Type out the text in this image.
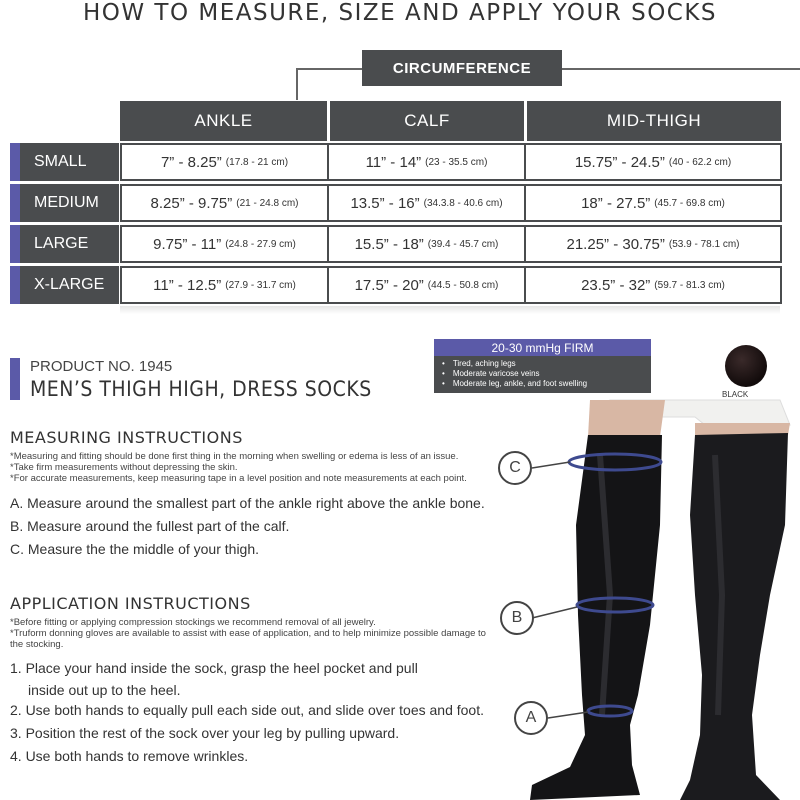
HOW TO MEASURE, SIZE AND APPLY YOUR SOCKS
CIRCUMFERENCE
ANKLE	CALF	MID-THIGH
SMALL	7” - 8.25” (17.8 - 21 cm)	11” - 14” (23 - 35.5 cm)	15.75” - 24.5” (40 - 62.2 cm)
MEDIUM	8.25” - 9.75” (21 - 24.8 cm)	13.5” - 16” (34.3.8 - 40.6 cm)	18” - 27.5” (45.7 - 69.8 cm)
LARGE	9.75” - 11” (24.8 - 27.9 cm)	15.5” - 18” (39.4 - 45.7 cm)	21.25” - 30.75” (53.9 - 78.1 cm)
X-LARGE	11” - 12.5” (27.9 - 31.7 cm)	17.5” - 20” (44.5 - 50.8 cm)	23.5” - 32” (59.7 - 81.3 cm)
PRODUCT NO. 1945
MEN’S THIGH HIGH, DRESS SOCKS
20-30 mmHg FIRM
• Tired, aching legs
• Moderate varicose veins
• Moderate leg, ankle, and foot swelling
BLACK
MEASURING INSTRUCTIONS
*Measuring and fitting should be done first thing in the morning when swelling or edema is less of an issue.
*Take firm measurements without depressing the skin.
*For accurate measurements, keep measuring tape in a level position and note measurements at each point.
A. Measure around the smallest part of the ankle right above the ankle bone.
B. Measure around the fullest part of the calf.
C. Measure the the middle of your thigh.
APPLICATION INSTRUCTIONS
*Before fitting or applying compression stockings we recommend removal of all jewelry.
*Truform donning gloves are available to assist with ease of application, and to help minimize possible damage to the stocking.
1. Place your hand inside the sock, grasp the heel pocket and pull inside out up to the heel.
2. Use both hands to equally pull each side out, and slide over toes and foot.
3. Position the rest of the sock over your leg by pulling upward.
4. Use both hands to remove wrinkles.
C
B
A
